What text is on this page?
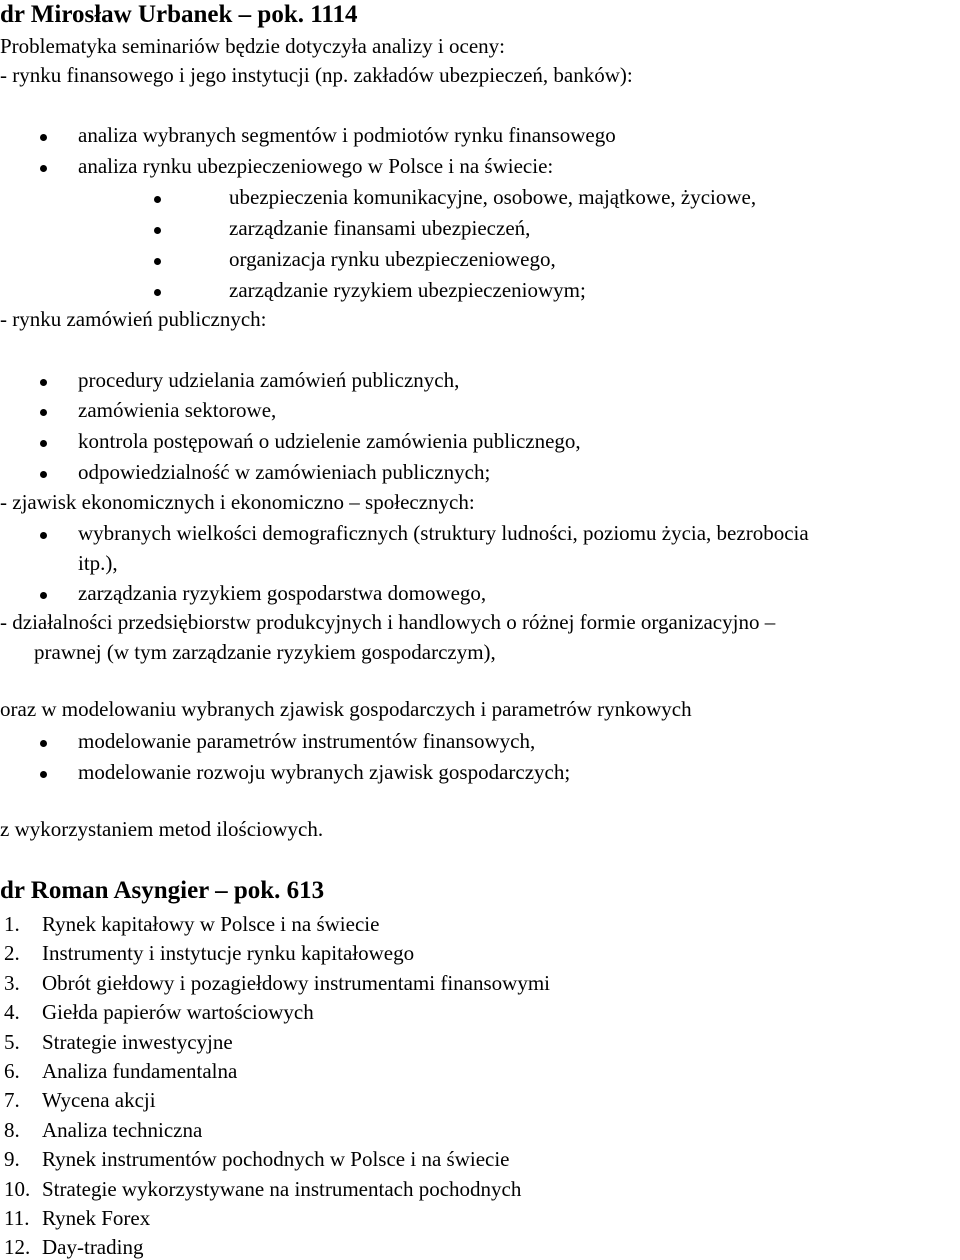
dr Mirosław Urbanek – pok. 1114
Problematyka seminariów będzie dotyczyła analizy i oceny:
- rynku finansowego i jego instytucji (np. zakładów ubezpieczeń, banków):
analiza wybranych segmentów i podmiotów rynku finansowego
analiza rynku ubezpieczeniowego w Polsce i na świecie:
ubezpieczenia komunikacyjne, osobowe, majątkowe, życiowe,
zarządzanie finansami ubezpieczeń,
organizacja rynku ubezpieczeniowego,
zarządzanie ryzykiem ubezpieczeniowym;
- rynku zamówień publicznych:
procedury udzielania zamówień publicznych,
zamówienia sektorowe,
kontrola postępowań o udzielenie zamówienia publicznego,
odpowiedzialność w zamówieniach publicznych;
- zjawisk ekonomicznych i ekonomiczno – społecznych:
wybranych wielkości demograficznych (struktury ludności, poziomu życia, bezrobocia
itp.),
zarządzania ryzykiem gospodarstwa domowego,
- działalności przedsiębiorstw produkcyjnych i handlowych o różnej formie organizacyjno –
prawnej (w tym zarządzanie ryzykiem gospodarczym),
oraz w modelowaniu wybranych zjawisk gospodarczych i parametrów rynkowych
modelowanie parametrów instrumentów finansowych,
modelowanie rozwoju wybranych zjawisk gospodarczych;
z wykorzystaniem metod ilościowych.
dr Roman Asyngier – pok. 613
1. Rynek kapitałowy w Polsce i na świecie
2. Instrumenty i instytucje rynku kapitałowego
3. Obrót giełdowy i pozagiełdowy instrumentami finansowymi
4. Giełda papierów wartościowych
5. Strategie inwestycyjne
6. Analiza fundamentalna
7. Wycena akcji
8. Analiza techniczna
9. Rynek instrumentów pochodnych w Polsce i na świecie
10. Strategie wykorzystywane na instrumentach pochodnych
11. Rynek Forex
12. Day-trading
